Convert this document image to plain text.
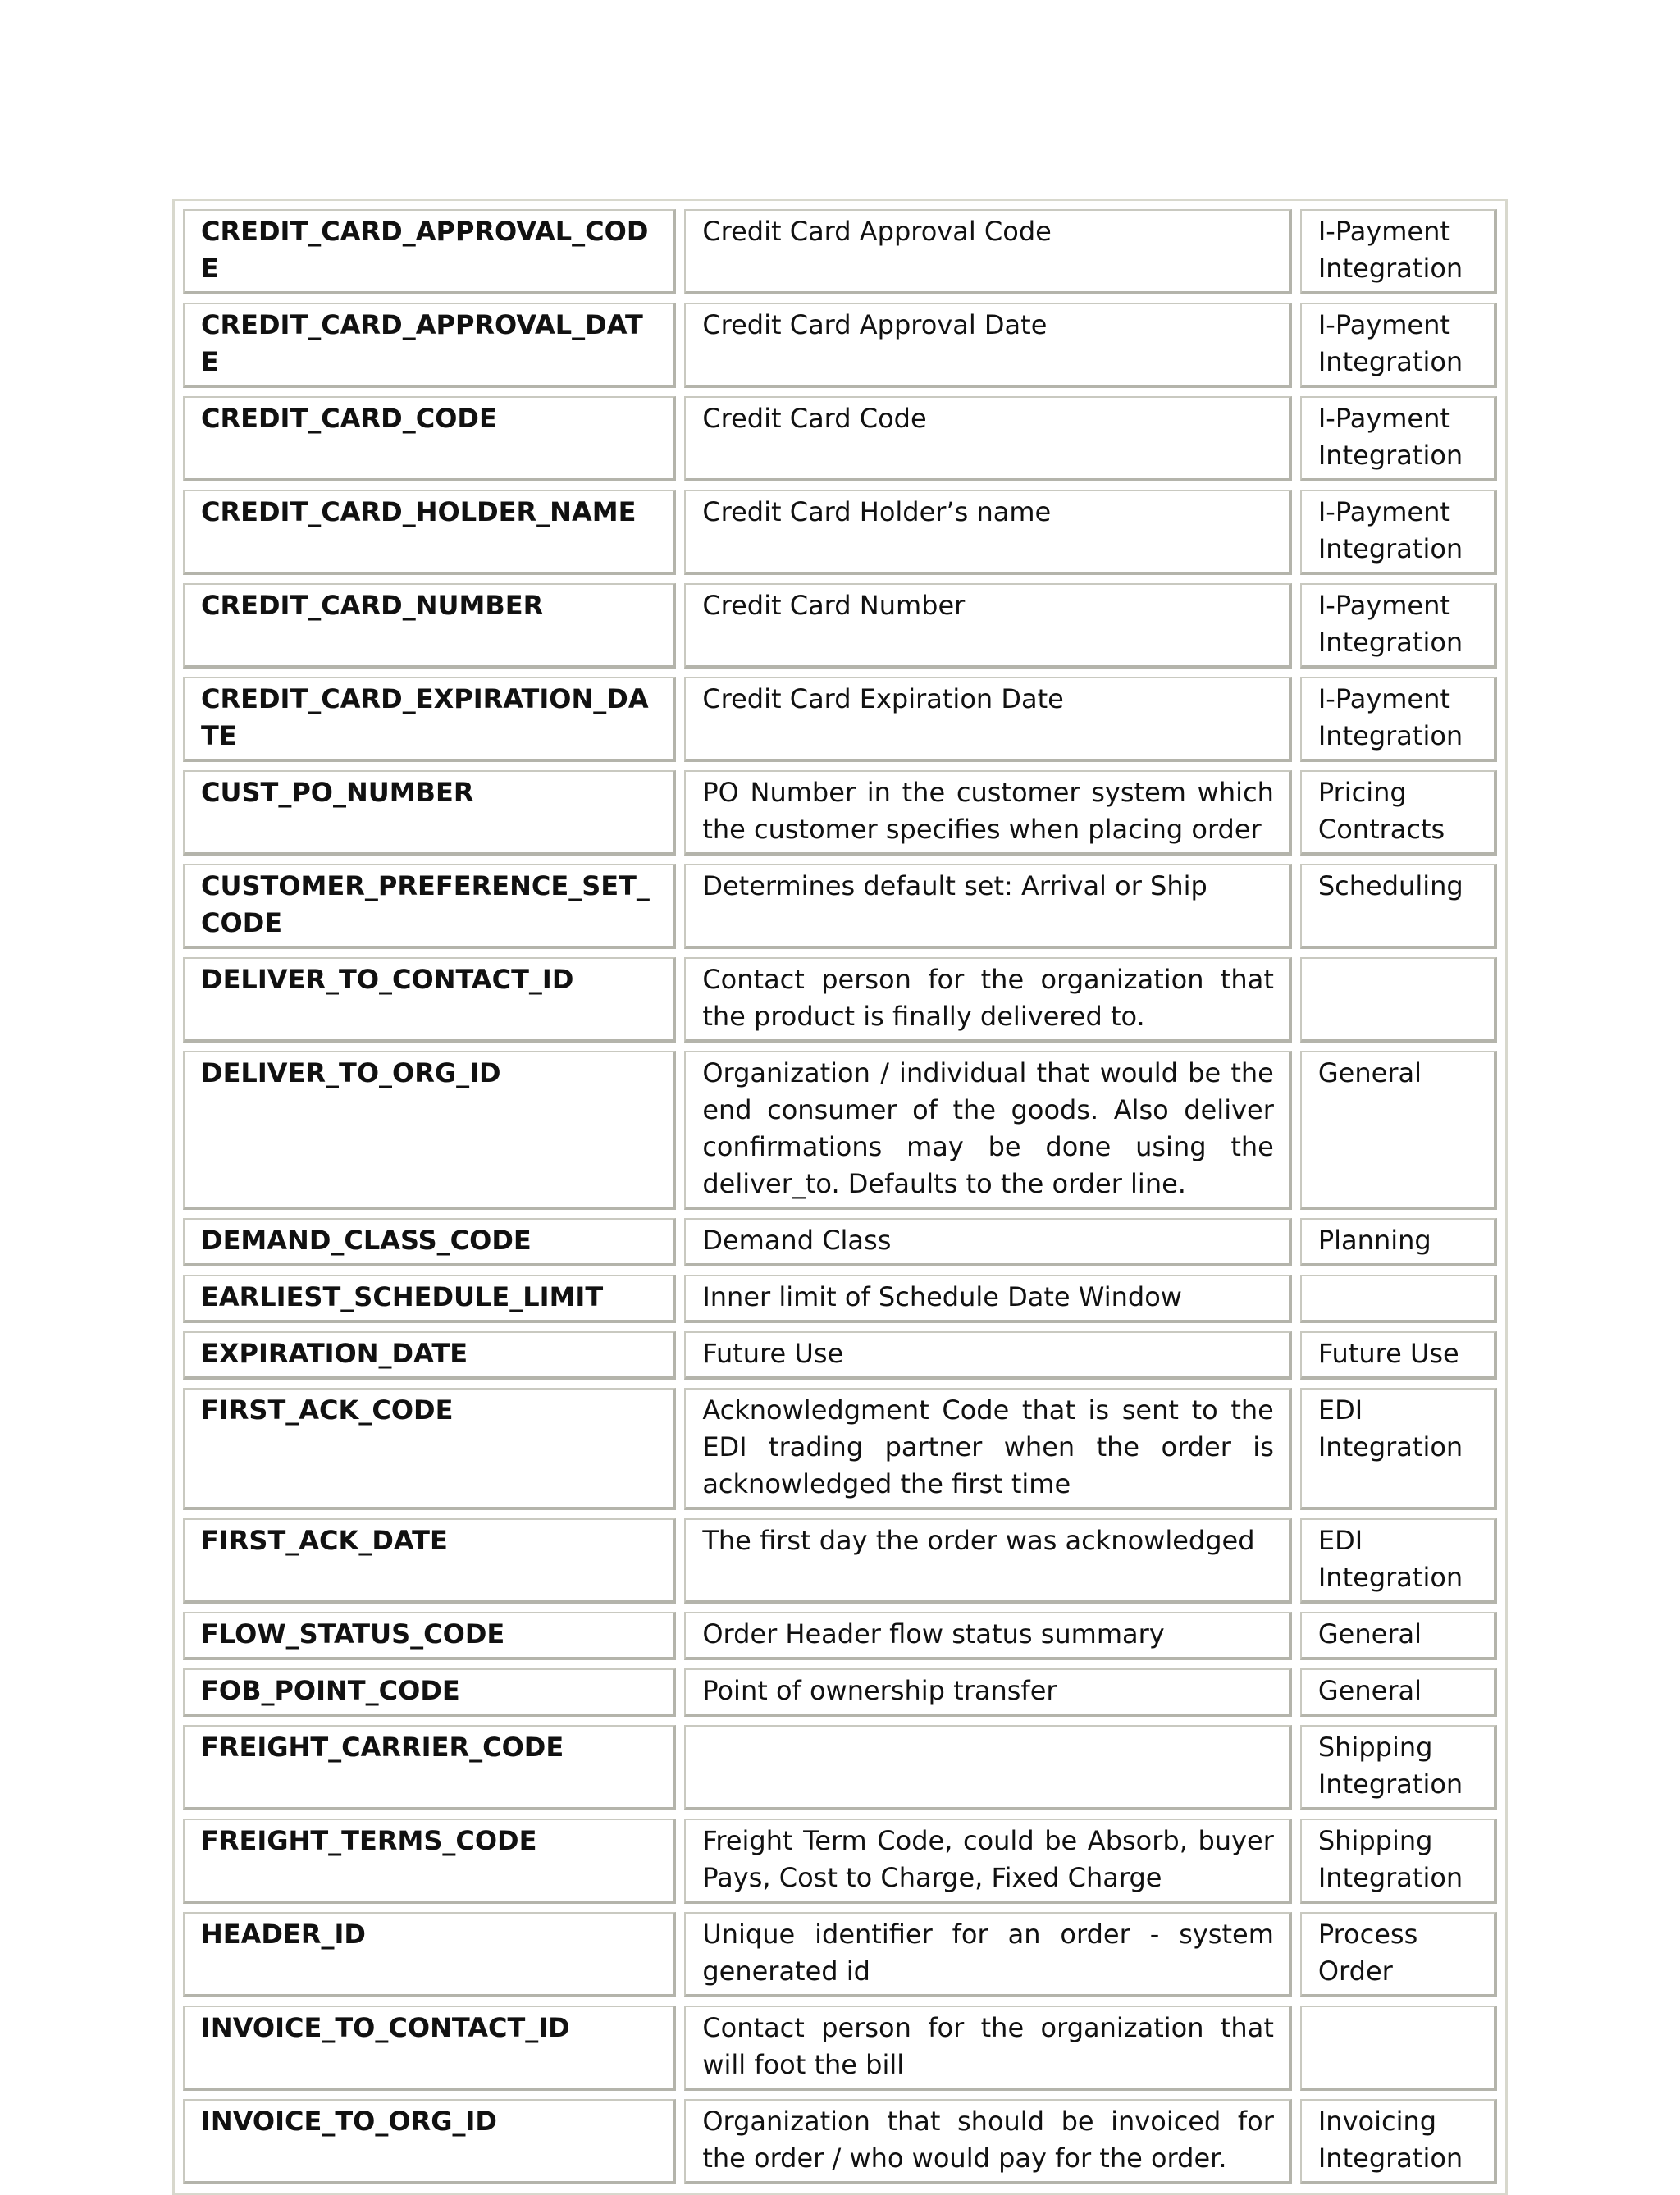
CREDIT_CARD_APPROVAL_CODE	Credit Card Approval Code	I-Payment Integration
CREDIT_CARD_APPROVAL_DATE	Credit Card Approval Date	I-Payment Integration
CREDIT_CARD_CODE	Credit Card Code	I-Payment Integration
CREDIT_CARD_HOLDER_NAME	Credit Card Holder’s name	I-Payment Integration
CREDIT_CARD_NUMBER	Credit Card Number	I-Payment Integration
CREDIT_CARD_EXPIRATION_DATE	Credit Card Expiration Date	I-Payment Integration
CUST_PO_NUMBER	PO Number in the customer system which the customer specifies when placing order	Pricing Contracts
CUSTOMER_PREFERENCE_SET_CODE	Determines default set: Arrival or Ship	Scheduling
DELIVER_TO_CONTACT_ID	Contact person for the organization that the product is finally delivered to.	
DELIVER_TO_ORG_ID	Organization / individual that would be the end consumer of the goods. Also deliver confirmations may be done using the deliver_to. Defaults to the order line.	General
DEMAND_CLASS_CODE	Demand Class	Planning
EARLIEST_SCHEDULE_LIMIT	Inner limit of Schedule Date Window	
EXPIRATION_DATE	Future Use	Future Use
FIRST_ACK_CODE	Acknowledgment Code that is sent to the EDI trading partner when the order is acknowledged the first time	EDI Integration
FIRST_ACK_DATE	The first day the order was acknowledged	EDI Integration
FLOW_STATUS_CODE	Order Header flow status summary	General
FOB_POINT_CODE	Point of ownership transfer	General
FREIGHT_CARRIER_CODE		Shipping Integration
FREIGHT_TERMS_CODE	Freight Term Code, could be Absorb, buyer Pays, Cost to Charge, Fixed Charge	Shipping Integration
HEADER_ID	Unique identifier for an order - system generated id	Process Order
INVOICE_TO_CONTACT_ID	Contact person for the organization that will foot the bill	
INVOICE_TO_ORG_ID	Organization that should be invoiced for the order / who would pay for the order.	Invoicing Integration
